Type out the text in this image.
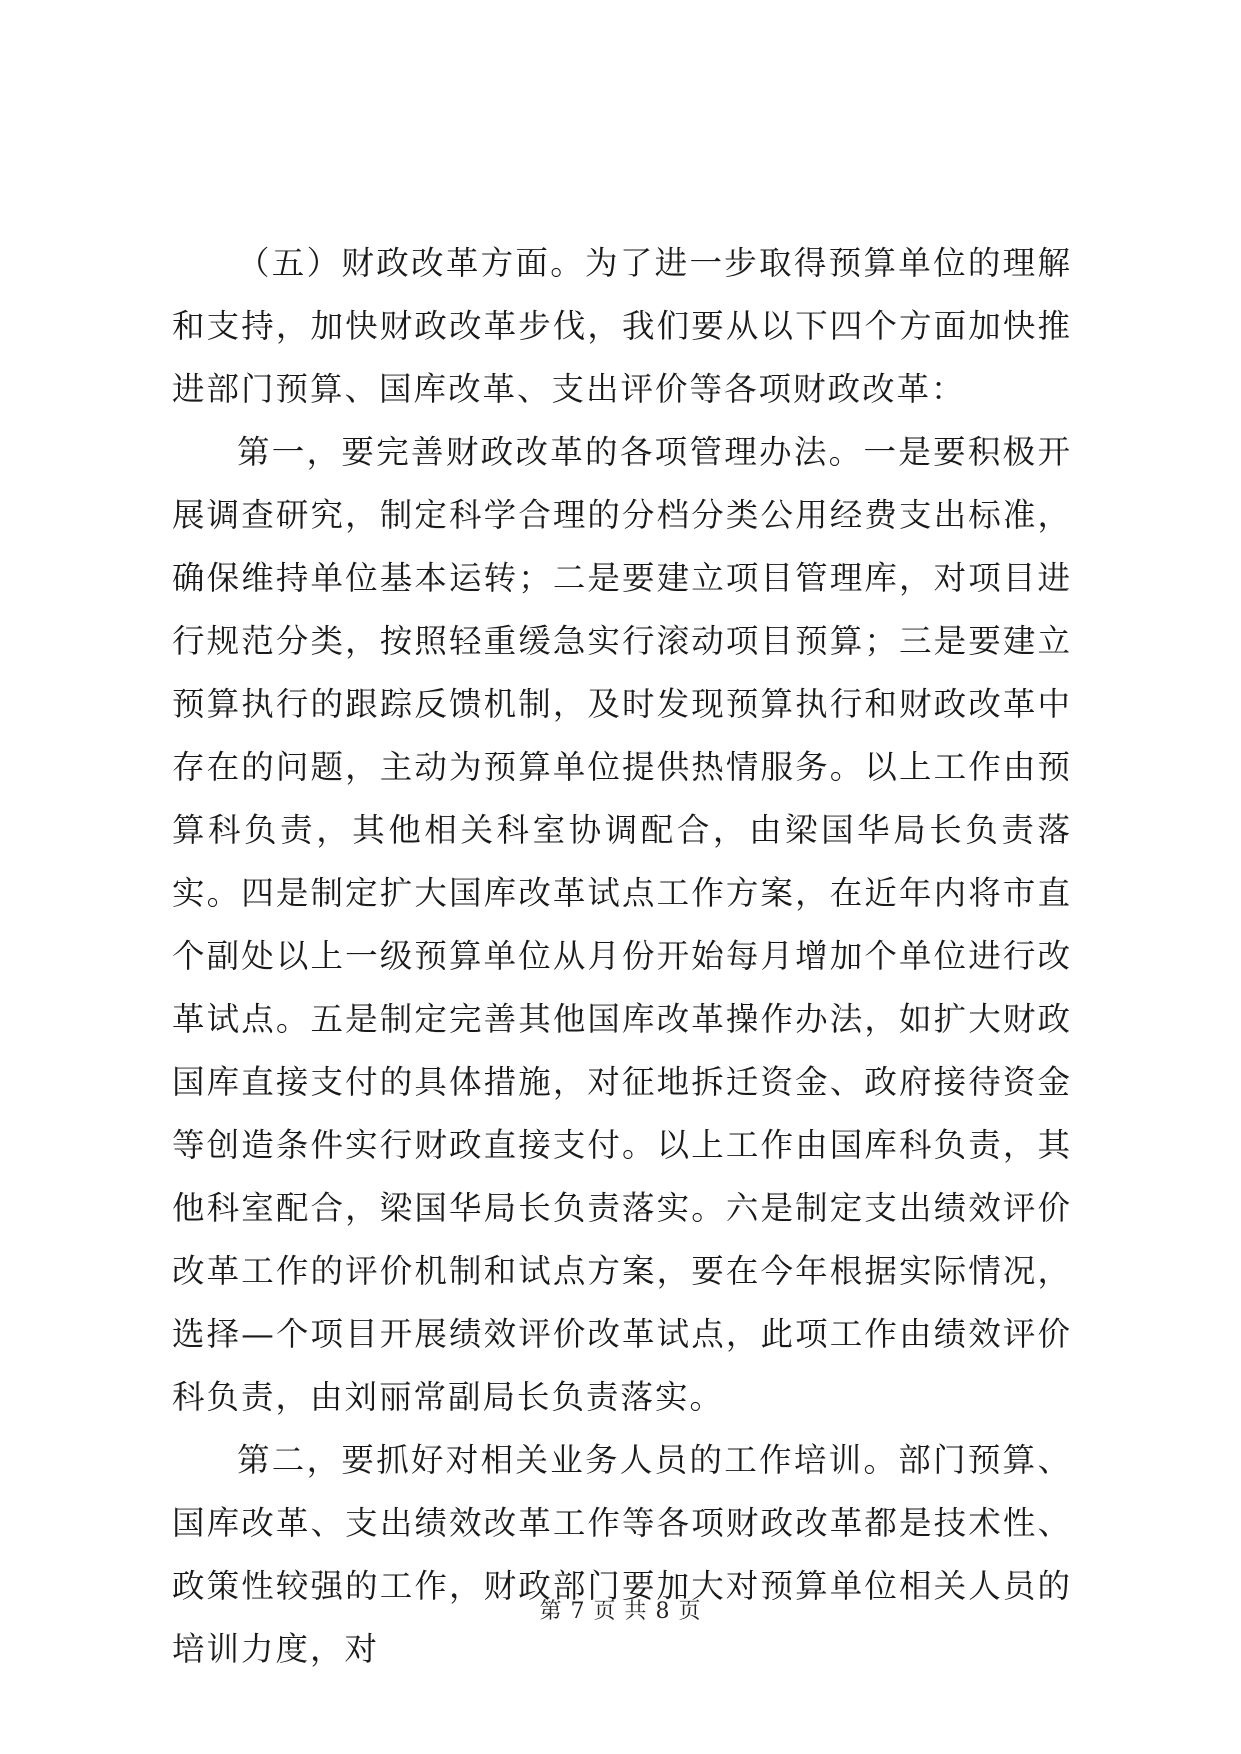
（五）财政改革方面。为了进一步取得预算单位的理解和支持，加快财政改革步伐，我们要从以下四个方面加快推进部门预算、国库改革、支出评价等各项财政改革：

第一，要完善财政改革的各项管理办法。一是要积极开展调查研究，制定科学合理的分档分类公用经费支出标准，确保维持单位基本运转；二是要建立项目管理库，对项目进行规范分类，按照轻重缓急实行滚动项目预算；三是要建立预算执行的跟踪反馈机制，及时发现预算执行和财政改革中存在的问题，主动为预算单位提供热情服务。以上工作由预算科负责，其他相关科室协调配合，由梁国华局长负责落实。四是制定扩大国库改革试点工作方案，在近年内将市直个副处以上一级预算单位从月份开始每月增加个单位进行改革试点。五是制定完善其他国库改革操作办法，如扩大财政国库直接支付的具体措施，对征地拆迁资金、政府接待资金等创造条件实行财政直接支付。以上工作由国库科负责，其他科室配合，梁国华局长负责落实。六是制定支出绩效评价改革工作的评价机制和试点方案，要在今年根据实际情况，选择—个项目开展绩效评价改革试点，此项工作由绩效评价科负责，由刘丽常副局长负责落实。

第二，要抓好对相关业务人员的工作培训。部门预算、国库改革、支出绩效改革工作等各项财政改革都是技术性、政策性较强的工作，财政部门要加大对预算单位相关人员的培训力度，对

第 7 页 共 8 页
